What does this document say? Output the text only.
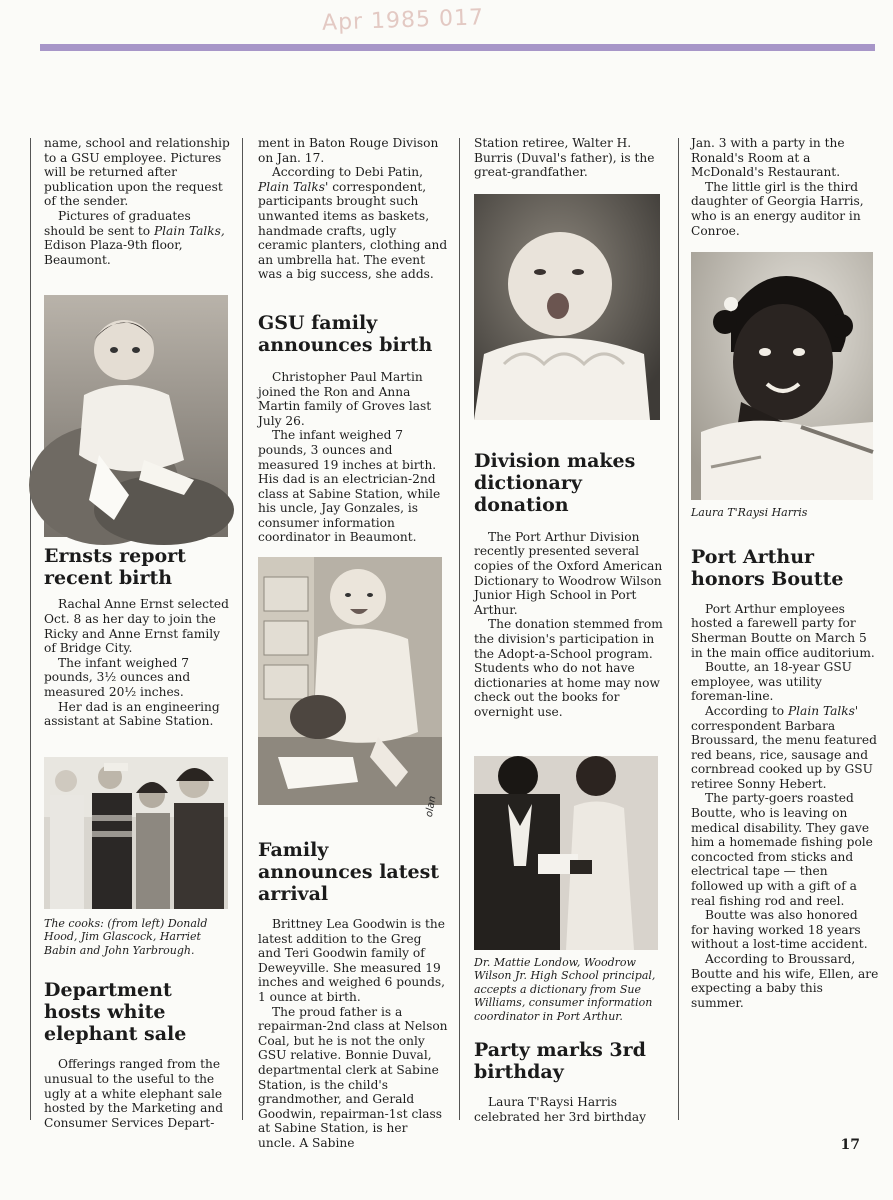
Apr 1985 017

name, school and relationship to a GSU employee. Pictures will be returned after publication upon the request of the sender.

Pictures of graduates should be sent to Plain Talks, Edison Plaza-9th floor, Beaumont.

Ernsts report recent birth

Rachal Anne Ernst selected Oct. 8 as her day to join the Ricky and Anne Ernst family of Bridge City.

The infant weighed 7 pounds, 3½ ounces and measured 20½ inches.

Her dad is an engineering assistant at Sabine Station.

The cooks: (from left) Donald Hood, Jim Glascock, Harriet Babin and John Yarbrough.

Department hosts white elephant sale

Offerings ranged from the unusual to the useful to the ugly at a white elephant sale hosted by the Marketing and Consumer Services Depart-

ment in Baton Rouge Divison on Jan. 17.

According to Debi Patin, Plain Talks' correspondent, participants brought such unwanted items as baskets, handmade crafts, ugly ceramic planters, clothing and an umbrella hat. The event was a big success, she adds.

GSU family announces birth

Christopher Paul Martin joined the Ron and Anna Martin family of Groves last July 26.

The infant weighed 7 pounds, 3 ounces and measured 19 inches at birth. His dad is an electrician-2nd class at Sabine Station, while his uncle, Jay Gonzales, is consumer information coordinator in Beaumont.

olan
Family announces latest arrival

Brittney Lea Goodwin is the latest addition to the Greg and Teri Goodwin family of Deweyville. She measured 19 inches and weighed 6 pounds, 1 ounce at birth.

The proud father is a repairman-2nd class at Nelson Coal, but he is not the only GSU relative. Bonnie Duval, departmental clerk at Sabine Station, is the child's grandmother, and Gerald Goodwin, repairman-1st class at Sabine Station, is her uncle. A Sabine

Station retiree, Walter H. Burris (Duval's father), is the great-grandfather.

Division makes dictionary donation

The Port Arthur Division recently presented several copies of the Oxford American Dictionary to Woodrow Wilson Junior High School in Port Arthur.

The donation stemmed from the division's participation in the Adopt-a-School program. Students who do not have dictionaries at home may now check out the books for overnight use.

Dr. Mattie Londow, Woodrow Wilson Jr. High School principal, accepts a dictionary from Sue Williams, consumer information coordinator in Port Arthur.

Party marks 3rd birthday

Laura T'Raysi Harris celebrated her 3rd birthday

Jan. 3 with a party in the Ronald's Room at a McDonald's Restaurant.

The little girl is the third daughter of Georgia Harris, who is an energy auditor in Conroe.

Laura T'Raysi Harris

Port Arthur honors Boutte

Port Arthur employees hosted a farewell party for Sherman Boutte on March 5 in the main office auditorium.

Boutte, an 18-year GSU employee, was utility foreman-line.

According to Plain Talks' correspondent Barbara Broussard, the menu featured red beans, rice, sausage and cornbread cooked up by GSU retiree Sonny Hebert.

The party-goers roasted Boutte, who is leaving on medical disability. They gave him a homemade fishing pole concocted from sticks and electrical tape — then followed up with a gift of a real fishing rod and reel.

Boutte was also honored for having worked 18 years without a lost-time accident.

According to Broussard, Boutte and his wife, Ellen, are expecting a baby this summer.

17
